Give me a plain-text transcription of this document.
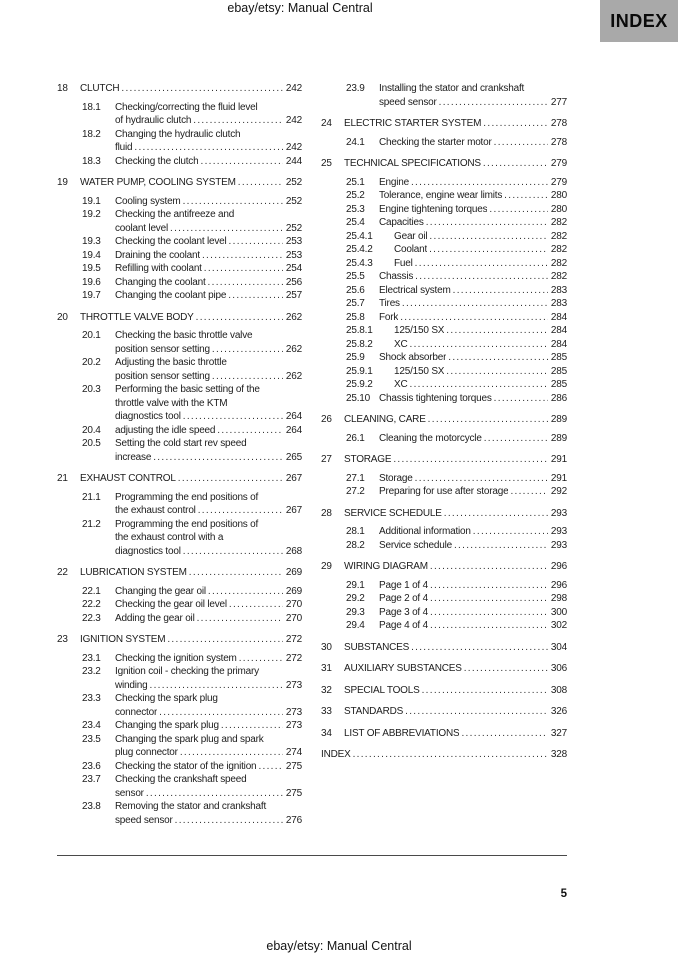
ebay/etsy: Manual Central
INDEX
18	CLUTCH .....	242
18.1	Checking/correcting the fluid level
of hydraulic clutch .....	242
18.2	Changing the hydraulic clutch
fluid .....	242
18.3	Checking the clutch .....	244
19	WATER PUMP, COOLING SYSTEM .....	252
19.1	Cooling system .....	252
19.2	Checking the antifreeze and
coolant level .....	252
19.3	Checking the coolant level .....	253
19.4	Draining the coolant .....	253
19.5	Refilling with coolant .....	254
19.6	Changing the coolant .....	256
19.7	Changing the coolant pipe .....	257
20	THROTTLE VALVE BODY .....	262
20.1	Checking the basic throttle valve
position sensor setting .....	262
20.2	Adjusting the basic throttle
position sensor setting .....	262
20.3	Performing the basic setting of the
throttle valve with the KTM
diagnostics tool .....	264
20.4	adjusting the idle speed .....	264
20.5	Setting the cold start rev speed
increase .....	265
21	EXHAUST CONTROL .....	267
21.1	Programming the end positions of
the exhaust control .....	267
21.2	Programming the end positions of
the exhaust control with a
diagnostics tool .....	268
22	LUBRICATION SYSTEM .....	269
22.1	Changing the gear oil .....	269
22.2	Checking the gear oil level .....	270
22.3	Adding the gear oil .....	270
23	IGNITION SYSTEM .....	272
23.1	Checking the ignition system .....	272
23.2	Ignition coil - checking the primary
winding .....	273
23.3	Checking the spark plug
connector .....	273
23.4	Changing the spark plug .....	273
23.5	Changing the spark plug and spark
plug connector .....	274
23.6	Checking the stator of the ignition .....	275
23.7	Checking the crankshaft speed
sensor .....	275
23.8	Removing the stator and crankshaft
speed sensor .....	276
23.9	Installing the stator and crankshaft
speed sensor .....	277
24	ELECTRIC STARTER SYSTEM .....	278
24.1	Checking the starter motor .....	278
25	TECHNICAL SPECIFICATIONS .....	279
25.1	Engine .....	279
25.2	Tolerance, engine wear limits .....	280
25.3	Engine tightening torques .....	280
25.4	Capacities .....	282
25.4.1	Gear oil .....	282
25.4.2	Coolant .....	282
25.4.3	Fuel .....	282
25.5	Chassis .....	282
25.6	Electrical system .....	283
25.7	Tires .....	283
25.8	Fork .....	284
25.8.1	125/150 SX .....	284
25.8.2	XC .....	284
25.9	Shock absorber .....	285
25.9.1	125/150 SX .....	285
25.9.2	XC .....	285
25.10 Chassis tightening torques .....	286
26	CLEANING, CARE .....	289
26.1	Cleaning the motorcycle .....	289
27	STORAGE .....	291
27.1	Storage .....	291
27.2	Preparing for use after storage .....	292
28	SERVICE SCHEDULE .....	293
28.1	Additional information .....	293
28.2	Service schedule .....	293
29	WIRING DIAGRAM .....	296
29.1	Page 1 of 4 .....	296
29.2	Page 2 of 4 .....	298
29.3	Page 3 of 4 .....	300
29.4	Page 4 of 4 .....	302
30	SUBSTANCES .....	304
31	AUXILIARY SUBSTANCES .....	306
32	SPECIAL TOOLS .....	308
33	STANDARDS .....	326
34	LIST OF ABBREVIATIONS .....	327
INDEX .....	328
5
ebay/etsy: Manual Central
